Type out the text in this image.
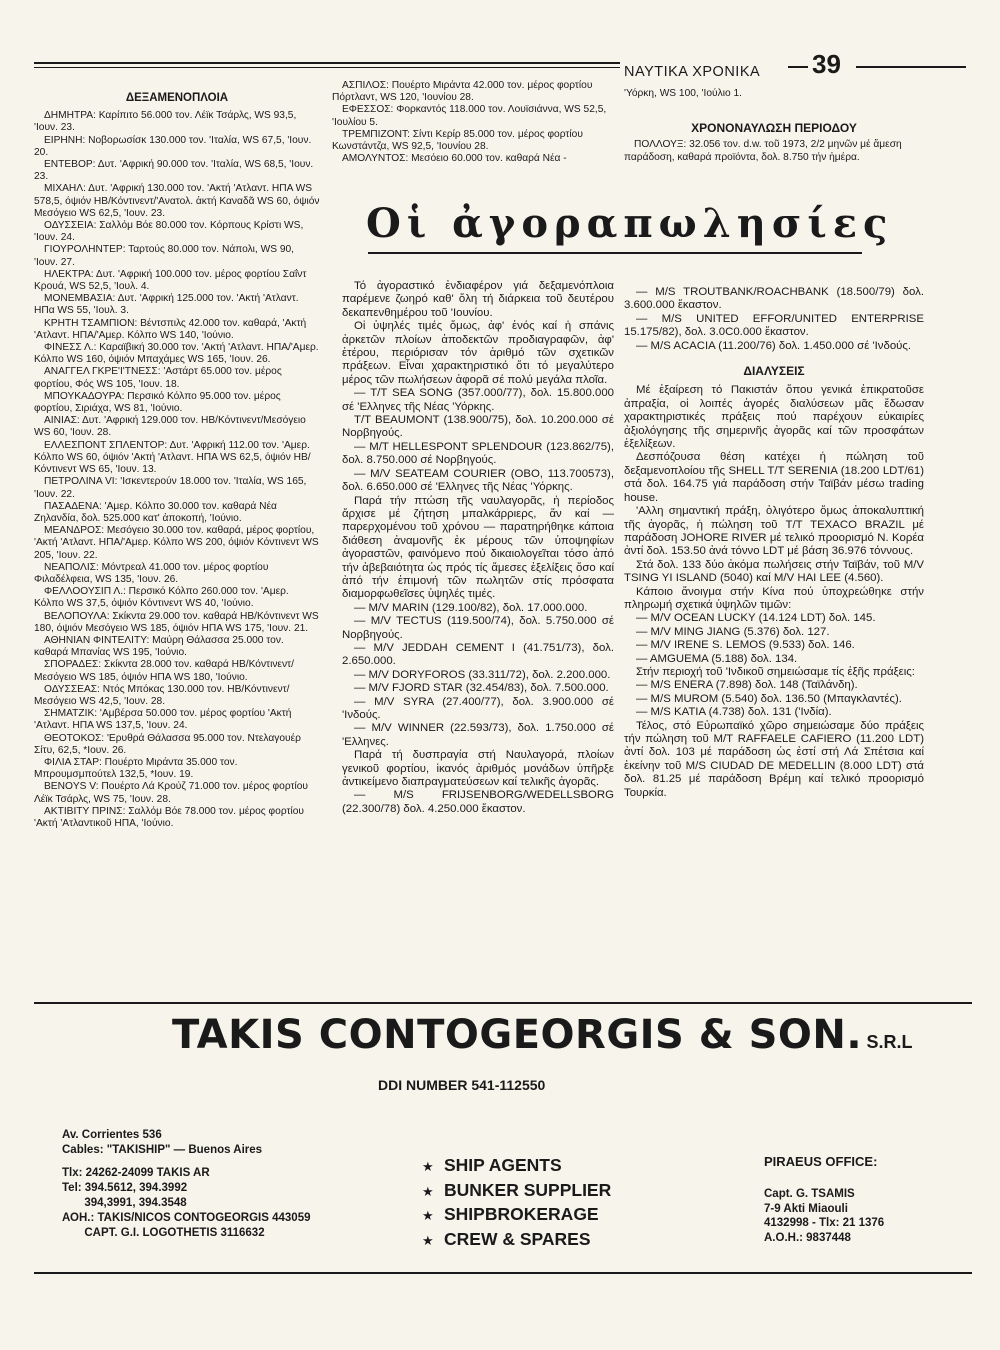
ΝΑΥΤΙΚΑ ΧΡΟΝΙΚΑ 39

ΔΕΞΑΜΕΝΟΠΛΟΙΑ

ΔΗΜΗΤΡΑ: Καρίπιτο 56.000 τον. Λέϊκ Τσάρλς, WS 93,5, 'Ιουν. 23.

ΕΙΡΗΝΗ: Νοβορωσίσκ 130.000 τον. 'Ιταλία, WS 67,5, 'Ιουν. 20.

ΕΝΤΕΒΟΡ: Δυτ. 'Αφρική 90.000 τον. 'Ιταλία, WS 68,5, 'Ιουν. 23.

ΜΙΧΑΗΛ: Δυτ. 'Αφρική 130.000 τον. 'Ακτή 'Ατλαντ. ΗΠΑ WS 578,5, όψιόν ΗΒ/Κόντινεντ/'Ανατολ. ἀκτή Καναδᾶ WS 60, όψιόν Μεσόγειο WS 62,5, 'Ιουν. 23.

ΟΔΥΣΣΕΙΑ: Σαλλόμ Βόε 80.000 τον. Κόρπους Κρίστι WS, 'Ιουν. 24.

ΓΙΟΥΡΟΛΗΝΤΕΡ: Ταρτούς 80.000 τον. Νάπολι, WS 90, 'Ιουν. 27.

ΗΛΕΚΤΡΑ: Δυτ. 'Αφρική 100.000 τον. μέρος φορτίου Σαΐντ Κρουά, WS 52,5, 'Ιουλ. 4.

ΜΟΝΕΜΒΑΣΙΑ: Δυτ. 'Αφρική 125.000 τον. 'Ακτή 'Ατλαντ. ΗΠα WS 55, 'Ιουλ. 3.

ΚΡΗΤΗ ΤΣΑΜΠΙΟΝ: Βέντσπιλς 42.000 τον. καθαρά, 'Ακτή 'Ατλαντ. ΗΠΑ/'Αμερ. Κόλπο WS 140, 'Ιούνιο.

ΦΙΝΕΣΣ Λ.: Καραϊβική 30.000 τον. 'Ακτή 'Ατλαντ. ΗΠΑ/'Αμερ. Κόλπο WS 160, όψιόν Μπαχάμες WS 165, 'Ιουν. 26.

ΑΝΑΓΓΕΛ ΓΚΡΕ'Ι'ΤΝΕΣΣ: 'Αστάρτ 65.000 τον. μέρος φορτίου, Φός WS 105, 'Ιουν. 18.

ΜΠΟΥΚΑΔΟΥΡΑ: Περσικό Κόλπο 95.000 τον. μέρος φορτίου, Σιριάχα, WS 81, 'Ιούνιο.

ΑΙΝΙΑΣ: Δυτ. 'Αφρική 129.000 τον. ΗΒ/Κόντινεντ/Μεσόγειο WS 60, 'Ιουν. 28.

ΕΛΛΕΣΠΟΝΤ ΣΠΛΕΝΤΟΡ: Δυτ. 'Αφρική 112.00 τον. 'Αμερ. Κόλπο WS 60, όψιόν 'Ακτή 'Ατλαντ. ΗΠΑ WS 62,5, όψιόν ΗΒ/Κόντινεντ WS 65, 'Ιουν. 13.

ΠΕΤΡΟΛΙΝΑ VI: 'Ισκεντερούν 18.000 τον. 'Ιταλία, WS 165, 'Ιουν. 22.

ΠΑΣΑΔΕΝΑ: 'Αμερ. Κόλπο 30.000 τον. καθαρά Νέα Ζηλανδία, δολ. 525.000 κατ' ἀποκοπή, 'Ιούνιο.

ΜΕΑΝΔΡΟΣ: Μεσόγειο 30.000 τον. καθαρά, μέρος φορτίου, 'Ακτή 'Ατλαντ. ΗΠΑ/'Αμερ. Κόλπο WS 200, όψιόν Κόντινεντ WS 205, 'Ιουν. 22.

ΝΕΑΠΟΛΙΣ: Μόντρεαλ 41.000 τον. μέρος φορτίου Φιλαδέλφεια, WS 135, 'Ιουν. 26.

ΦΕΛΛΟΟΥΣΙΠ Λ.: Περσικό Κόλπο 260.000 τον. 'Αμερ. Κόλπο WS 37,5, όψιόν Κόντινεντ WS 40, 'Ιούνιο.

ΒΕΛΟΠΟΥΛΑ: Σκίκντα 29.000 τον. καθαρά ΗΒ/Κόντινεντ WS 180, όψιόν Μεσόγειο WS 185, όψιόν ΗΠΑ WS 175, 'Ιουν. 21.

ΑΘΗΝΙΑΝ ΦΙΝΤΕΛΙΤΥ: Μαύρη Θάλασσα 25.000 τον. καθαρά Μπανίας WS 195, 'Ιούνιο.

ΣΠΟΡΑΔΕΣ: Σκίκντα 28.000 τον. καθαρά ΗΒ/Κόντινεντ/Μεσόγειο WS 185, όψιόν ΗΠΑ WS 180, 'Ιούνιο.

ΟΔΥΣΣΕΑΣ: Ντός Μπόκας 130.000 τον. ΗΒ/Κόντινεντ/Μεσόγειο WS 42,5, 'Ιουν. 28.

ΣΗΜΑΤΖΙΚ: 'Αμβέρσα 50.000 τον. μέρος φορτίου 'Ακτή 'Ατλαντ. ΗΠΑ WS 137,5, 'Ιουν. 24.

ΘΕΟΤΟΚΟΣ: 'Ερυθρά Θάλασσα 95.000 τον. Ντελαγουέρ Σίτυ, 62,5, *Ιουν. 26.

ΦΙΛΙΑ ΣΤΑΡ: Πουέρτο Μιράντα 35.000 τον. Μπρουμσμπούτελ 132,5, *Ιουν. 19.

BENOYS V: Πουέρτο Λά Κρούζ 71.000 τον. μέρος φορτίου Λέϊκ Τσάρλς, WS 75, 'Ιουν. 28.

ΑΚΤΙΒΙΤΥ ΠΡΙΝΣ: Σαλλόμ Βόε 78.000 τον. μέρος φορτίου 'Ακτή 'Ατλαντικοῦ ΗΠΑ, 'Ιούνιο.

ΑΣΠΙΛΟΣ: Πουέρτο Μιράντα 42.000 τον. μέρος φορτίου Πόρτλαντ, WS 120, 'Ιουνίου 28.

ΕΦΕΣΣΟΣ: Φορκαντός 118.000 τον. Λουϊσιάννα, WS 52,5, 'Ιουλίου 5.

ΤΡΕΜΠΙΖΟΝΤ: Σίντι Κερίρ 85.000 τον. μέρος φορτίου Κωνστάντζα, WS 92,5, 'Ιουνίου 28.

ΑΜΟΛΥΝΤΟΣ: Μεσόειο 60.000 τον. καθαρά Νέα -

'Υόρκη, WS 100, 'Ιούλιο 1.

ΧΡΟΝΟΝΑΥΛΩΣΗ ΠΕΡΙΟΔΟΥ

ΠΟΛΛΟΥΞ: 32.056 τον. d.w. τοῦ 1973, 2/2 μηνῶν μέ ἄμεση παράδοση, καθαρά προϊόντα, δολ. 8.750 τήν ἡμέρα.

Οἱ ἀγοραπωλησίες

Τό ἀγοραστικό ἐνδιαφέρον γιά δεξαμενόπλοια παρέμενε ζωηρό καθ' ὅλη τή διάρκεια τοῦ δευτέρου δεκαπενθημέρου τοῦ 'Ιουνίου.

Οἱ ὑψηλές τιμές ὅμως, ἀφ' ἑνός καί ἡ σπάνις ἀρκετῶν πλοίων ἀποδεκτῶν προδιαγραφῶν, ἀφ' ἑτέρου, περιόρισαν τόν ἀριθμό τῶν σχετικῶν πράξεων. Εἶναι χαρακτηριστικό ὅτι τό μεγαλύτερο μέρος τῶν πωλήσεων ἀφορᾶ σέ πολύ μεγάλα πλοῖα.

— T/T SEA SONG (357.000/77), δολ. 15.800.000 σέ 'Ελληνες τῆς Νέας 'Υόρκης.

T/T BEAUMONT (138.900/75), δολ. 10.200.000 σέ Νορβηγούς.

— M/T HELLESPONT SPLENDOUR (123.862/75), δολ. 8.750.000 σέ Νορβηγούς.

— M/V SEATEAM COURIER (OBO, 113.700573), δολ. 6.650.000 σέ 'Ελληνες τῆς Νέας 'Υόρκης.

Παρά τήν πτώση τῆς ναυλαγορᾶς, ἡ περίοδος ἄρχισε μέ ζήτηση μπαλκάρριερς, ἄν καί — παρερχομένου τοῦ χρόνου — παρατηρήθηκε κάποια διάθεση ἀναμονῆς ἐκ μέρους τῶν ὑποψηφίων ἀγοραστῶν, φαινόμενο πού δικαιολογεῖται τόσο ἀπό τήν ἀβεβαιότητα ὡς πρός τίς ἄμεσες ἐξελίξεις ὅσο καί ἀπό τήν ἐπιμονή τῶν πωλητῶν στίς πρόσφατα διαμορφωθεῖσες ὑψηλές τιμές.

— M/V MARIN (129.100/82), δολ. 17.000.000.

— M/V TECTUS (119.500/74), δολ. 5.750.000 σέ Νορβηγούς.

— M/V JEDDAH CEMENT I (41.751/73), δολ. 2.650.000.

— M/V DORYFOROS (33.311/72), δολ. 2.200.000.

— M/V FJORD STAR (32.454/83), δολ. 7.500.000.

— M/V SYRA (27.400/77), δολ. 3.900.000 σέ 'Ινδούς.

— M/V WINNER (22.593/73), δολ. 1.750.000 σέ 'Ελληνες.

Παρά τή δυσπραγία στή Ναυλαγορά, πλοίων γενικοῦ φορτίου, ἱκανός ἀριθμός μονάδων ὑπῆρξε ἀντικείμενο διαπραγματεύσεων καί τελικῆς ἀγορᾶς.

— M/S FRIJSENBORG/WEDELLSBORG (22.300/78) δολ. 4.250.000 ἕκαστον.

— M/S TROUTBANK/ROACHBANK (18.500/79) δολ. 3.600.000 ἕκαστον.

— M/S UNITED EFFOR/UNITED ENTERPRISE 15.175/82), δολ. 3.0C0.000 ἕκαστον.

— M/S ACACIA (11.200/76) δολ. 1.450.000 σέ 'Ινδούς.

ΔΙΑΛΥΣΕΙΣ

Μέ ἐξαίρεση τό Πακιστάν ὅπου γενικά ἐπικρατοῦσε ἀπραξία, οἱ λοιπές ἀγορές διαλύσεων μᾶς ἔδωσαν χαρακτηριστικές πράξεις πού παρέχουν εὐκαιρίες ἀξιολόγησης τῆς σημερινῆς ἀγορᾶς καί τῶν προσφάτων ἐξελίξεων.

Δεσπόζουσα θέση κατέχει ἡ πώληση τοῦ δεξαμενοπλοίου τῆς SHELL T/T SERENIA (18.200 LDT/61) στά δολ. 164.75 γιά παράδοση στήν Ταϊβάν μέσω trading house.

'Αλλη σημαντική πράξη, ὀλιγότερο ὅμως ἀποκαλυπτική τῆς ἀγορᾶς, ἡ πώληση τοῦ T/T TEXACO BRAZIL μέ παράδοση JOHORE RIVER μέ τελικό προορισμό Ν. Κορέα ἀντί δολ. 153.50 ἀνά τόννο LDT μέ βάση 36.976 τόννους.

Στά δολ. 133 δύο ἀκόμα πωλήσεις στήν Ταϊβάν, τοῦ M/V TSING YI ISLAND (5040) καί M/V HAI LEE (4.560).

Κάποιο ἄνοιγμα στήν Κίνα πού ὑποχρεώθηκε στήν πληρωμή σχετικά ὑψηλῶν τιμῶν:

— M/V OCEAN LUCKY (14.124 LDT) δολ. 145.

— M/V MING JIANG (5.376) δολ. 127.

— M/V IRENE S. LEMOS (9.533) δολ. 146.

— AMGUEMA (5.188) δολ. 134.

Στήν περιοχή τοῦ 'Ινδικοῦ σημειώσαμε τίς ἑξῆς πράξεις:

— M/S ENERA (7.898) δολ. 148 (Ταϊλάνδη).

— M/S MUROM (5.540) δολ. 136.50 (Μπαγκλαντές).

— M/S KATIA (4.738) δολ. 131 ('Ινδία).

Τέλος, στό Εὐρωπαϊκό χῶρο σημειώσαμε δύο πράξεις τήν πώληση τοῦ M/T RAFFAELE CAFIERO (11.200 LDT) ἀντί δολ. 103 μέ παράδοση ὡς ἐστί στή Λά Σπέτσια καί ἐκείνην τοῦ M/S CIUDAD DE MEDELLIN (8.000 LDT) στά δολ. 81.25 μέ παράδοση Βρέμη καί τελικό προορισμό Τουρκία.

TAKIS CONTOGEORGIS & SON. S.R.L
DDI NUMBER 541-112550
Av. Corrientes 536
Cables: "TAKISHIP" — Buenos Aires
Tlx: 24262-24099 TAKIS AR
Tel: 394.5612, 394.3992
394,3991, 394.3548
ΑΟΗ.: TAKIS/NICOS CONTOGEORGIS 443059
CAPT. G.I. LOGOTHETIS 3116632
★ SHIP AGENTS
★ BUNKER SUPPLIER
★ SHIPBROKERAGE
★ CREW & SPARES
PIRAEUS OFFICE:
Capt. G. TSAMIS
7-9 Akti Miaouli
4132998 - Tlx: 21 1376
A.O.H.: 9837448
